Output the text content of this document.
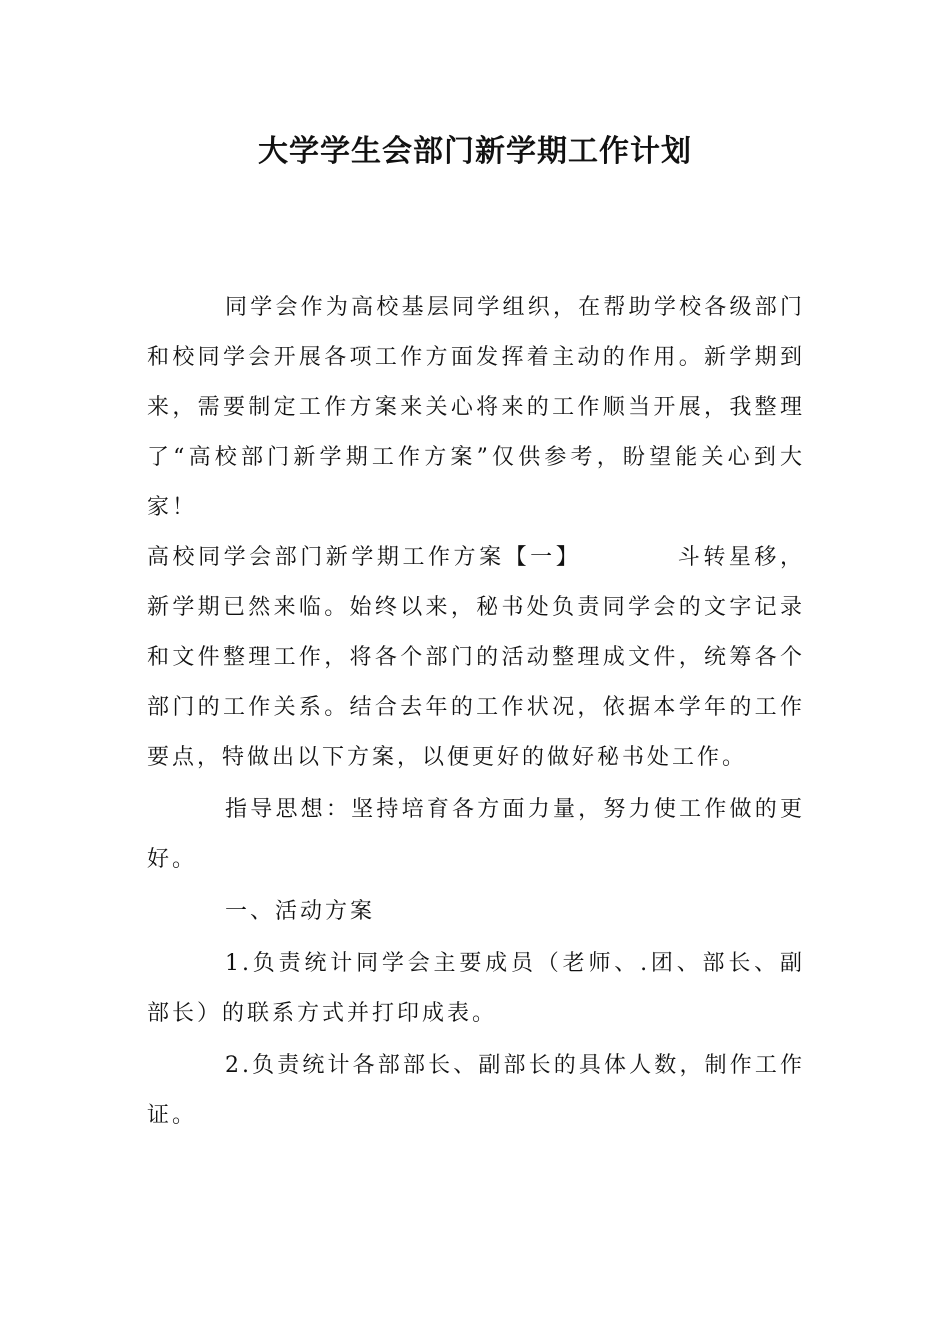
大学学生会部门新学期工作计划

同学会作为高校基层同学组织，在帮助学校各级部门和校同学会开展各项工作方面发挥着主动的作用。新学期到来，需要制定工作方案来关心将来的工作顺当开展，我整理了“高校部门新学期工作方案”仅供参考，盼望能关心到大家！

高校同学会部门新学期工作方案【一】	斗转星移，新学期已然来临。始终以来，秘书处负责同学会的文字记录和文件整理工作，将各个部门的活动整理成文件，统筹各个部门的工作关系。结合去年的工作状况，依据本学年的工作要点，特做出以下方案，以便更好的做好秘书处工作。

指导思想：坚持培育各方面力量，努力使工作做的更好。

一、活动方案

1.负责统计同学会主要成员（老师、.团、部长、副部长）的联系方式并打印成表。

2.负责统计各部部长、副部长的具体人数，制作工作证。
